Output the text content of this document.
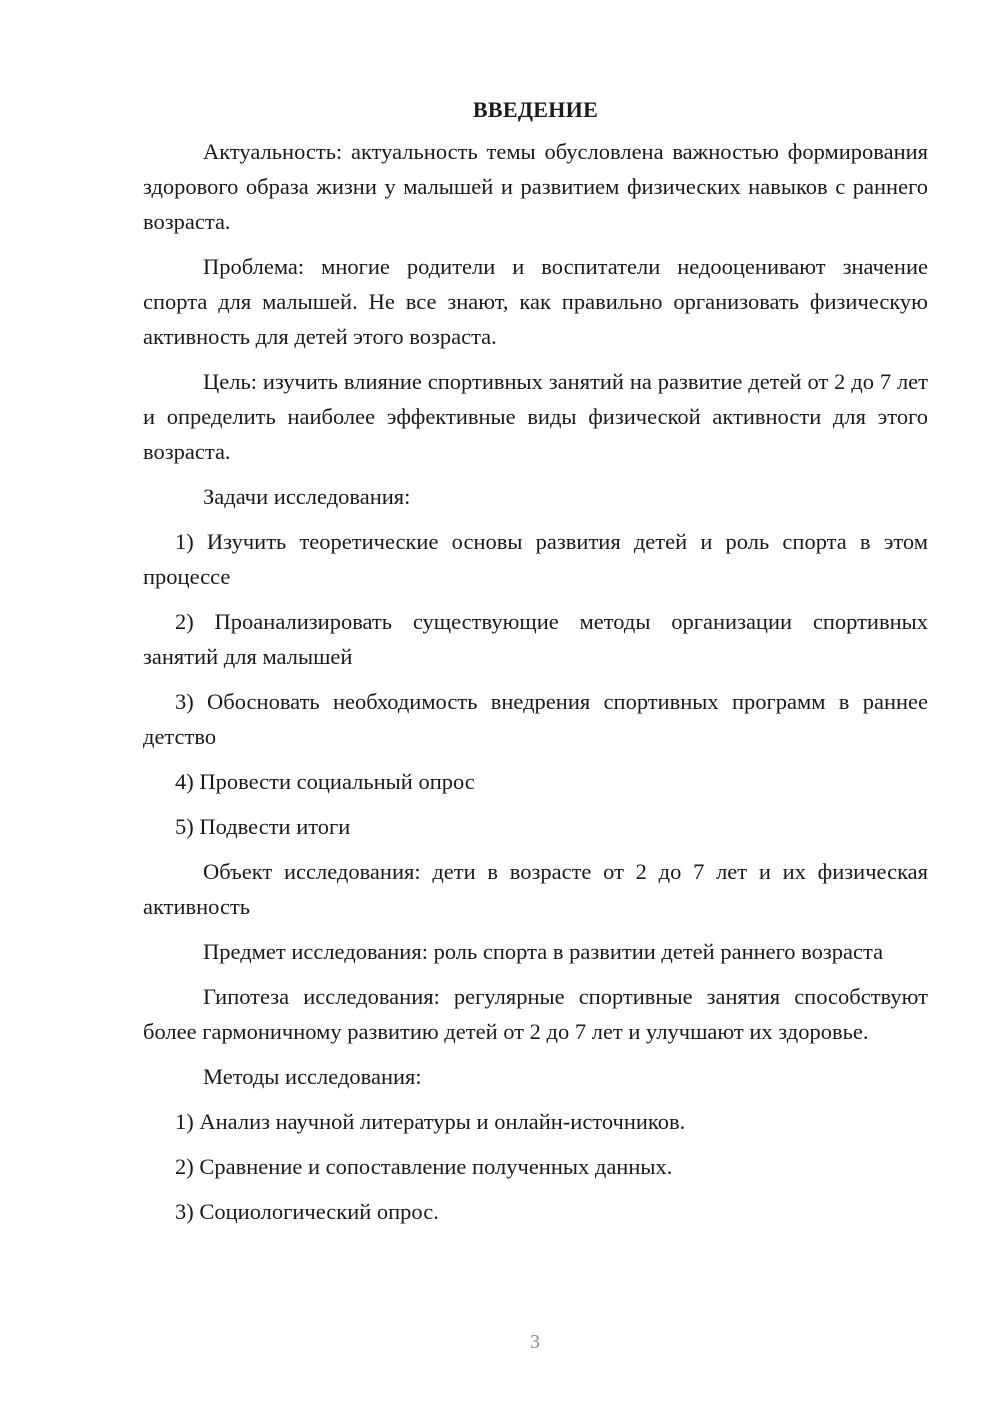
ВВЕДЕНИЕ

Актуальность: актуальность темы обусловлена важностью формирования здорового образа жизни у малышей и развитием физических навыков с раннего возраста.

Проблема: многие родители и воспитатели недооценивают значение спорта для малышей. Не все знают, как правильно организовать физическую активность для детей этого возраста.

Цель: изучить влияние спортивных занятий на развитие детей от 2 до 7 лет и определить наиболее эффективные виды физической активности для этого возраста.

Задачи исследования:

1) Изучить теоретические основы развития детей и роль спорта в этом процессе

2) Проанализировать существующие методы организации спортивных занятий для малышей

3) Обосновать необходимость внедрения спортивных программ в раннее детство

4) Провести социальный опрос

5) Подвести итоги

Объект исследования: дети в возрасте от 2 до 7 лет и их физическая активность

Предмет исследования: роль спорта в развитии детей раннего возраста

Гипотеза исследования: регулярные спортивные занятия способствуют более гармоничному развитию детей от 2 до 7 лет и улучшают их здоровье.

Методы исследования:

1) Анализ научной литературы и онлайн-источников.

2) Сравнение и сопоставление полученных данных.

3) Социологический опрос.

3
